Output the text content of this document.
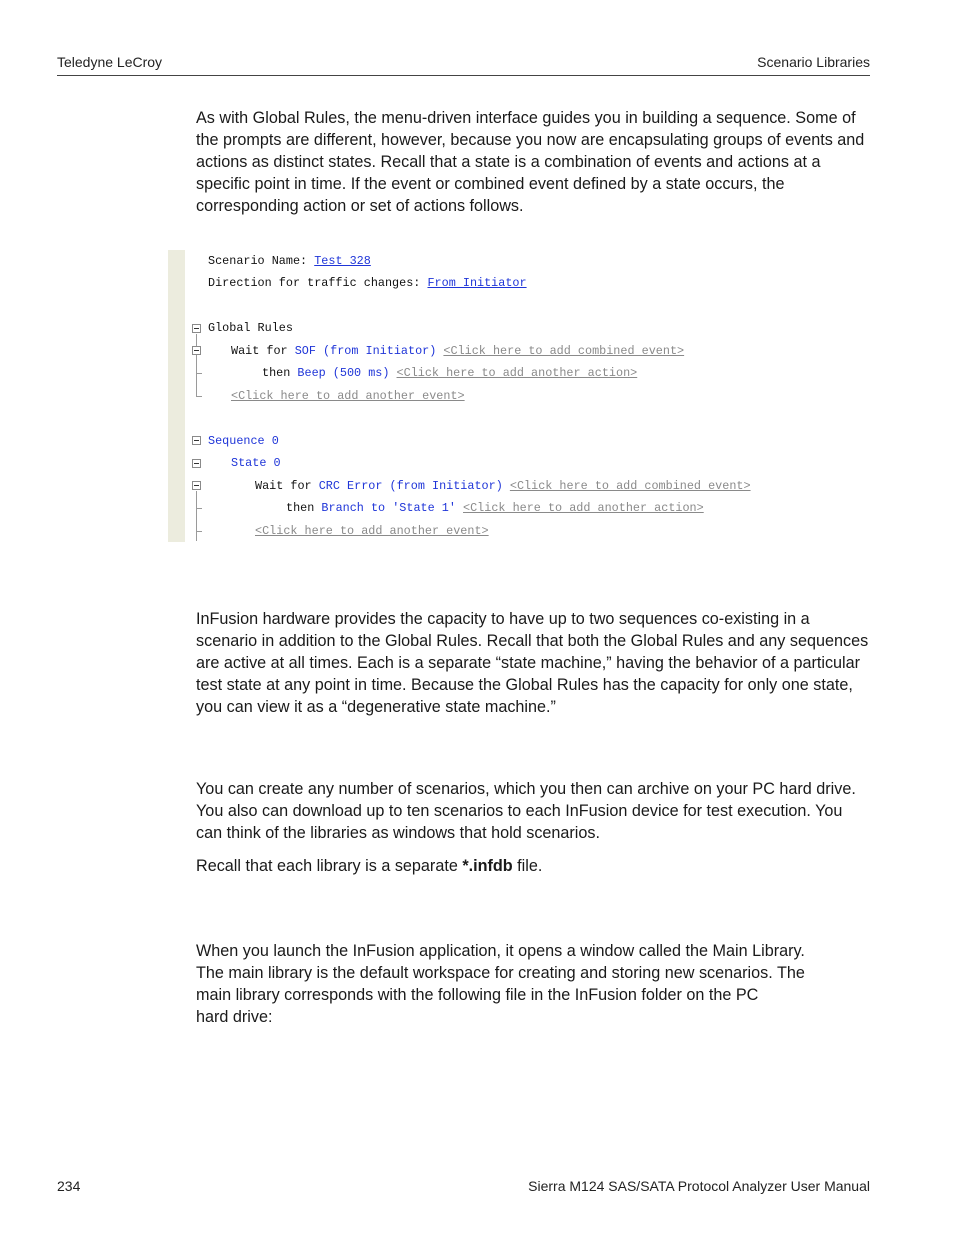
Teledyne LeCroy	Scenario Libraries

As with Global Rules, the menu-driven interface guides you in building a sequence. Some of the prompts are different, however, because you now are encapsulating groups of events and actions as distinct states. Recall that a state is a combination of events and actions at a specific point in time. If the event or combined event defined by a state occurs, the corresponding action or set of actions follows.

Scenario Name: Test 328
Direction for traffic changes: From Initiator
Global Rules
Wait for SOF (from Initiator) <Click here to add combined event>
then Beep (500 ms) <Click here to add another action>
<Click here to add another event>
Sequence 0
State 0
Wait for CRC Error (from Initiator) <Click here to add combined event>
then Branch to 'State 1' <Click here to add another action>
<Click here to add another event>

InFusion hardware provides the capacity to have up to two sequences co-existing in a scenario in addition to the Global Rules. Recall that both the Global Rules and any sequences are active at all times. Each is a separate “state machine,” having the behavior of a particular test state at any point in time. Because the Global Rules has the capacity for only one state, you can view it as a “degenerative state machine.”

You can create any number of scenarios, which you then can archive on your PC hard drive. You also can download up to ten scenarios to each InFusion device for test execution. You can think of the libraries as windows that hold scenarios.

Recall that each library is a separate *.infdb file.

When you launch the InFusion application, it opens a window called the Main Library.
The main library is the default workspace for creating and storing new scenarios. The
main library corresponds with the following file in the InFusion folder on the PC
hard drive:
234	Sierra M124 SAS/SATA Protocol Analyzer User Manual
